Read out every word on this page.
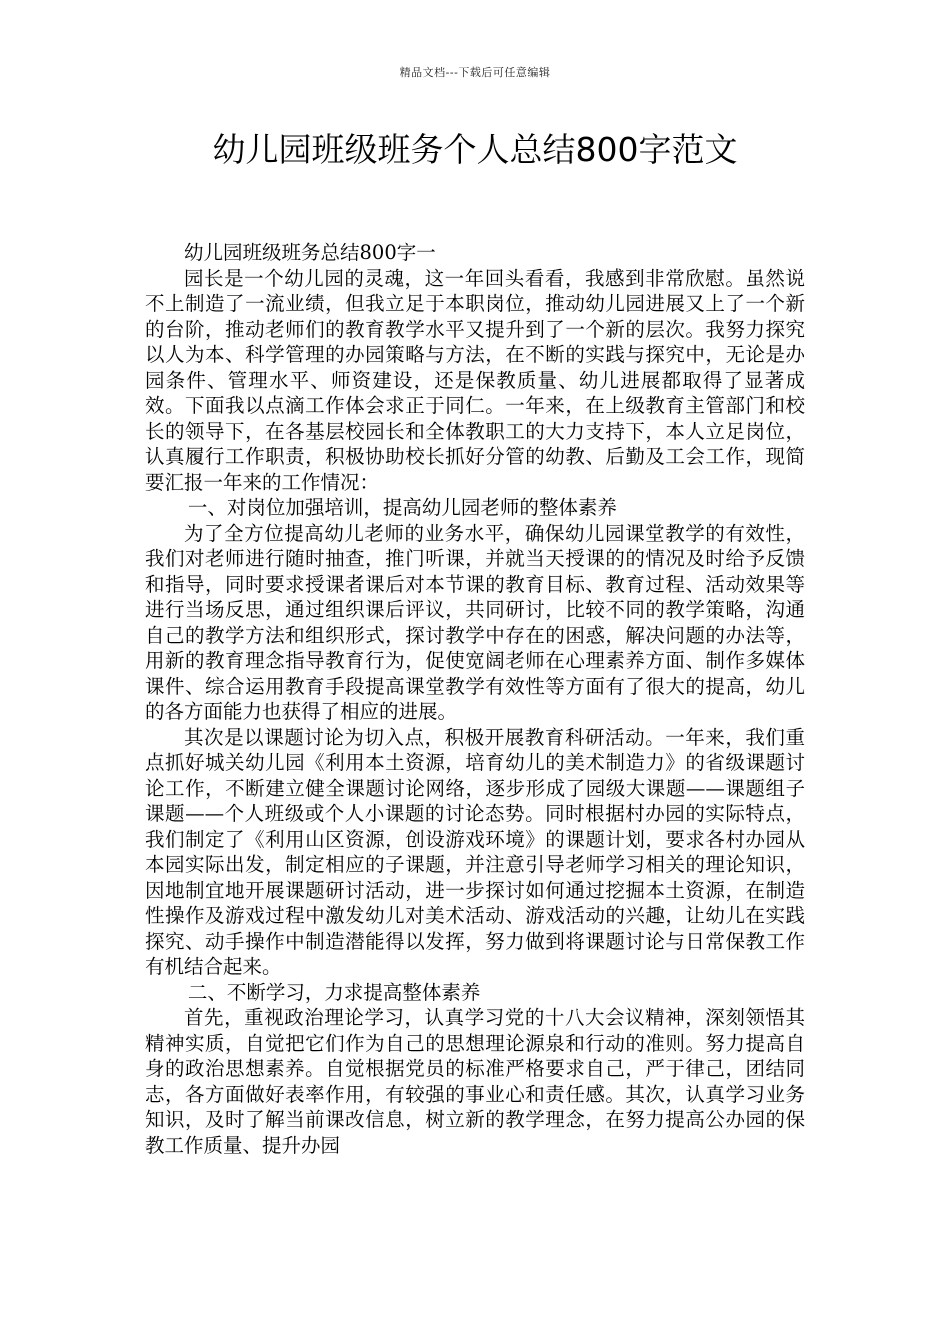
精品文档---下载后可任意编辑
幼儿园班级班务个人总结800字范文

幼儿园班级班务总结800字一

园长是一个幼儿园的灵魂，这一年回头看看，我感到非常欣慰。虽然说不上制造了一流业绩，但我立足于本职岗位，推动幼儿园进展又上了一个新的台阶，推动老师们的教育教学水平又提升到了一个新的层次。我努力探究以人为本、科学管理的办园策略与方法，在不断的实践与探究中，无论是办园条件、管理水平、师资建设，还是保教质量、幼儿进展都取得了显著成效。下面我以点滴工作体会求正于同仁。一年来，在上级教育主管部门和校长的领导下，在各基层校园长和全体教职工的大力支持下，本人立足岗位，认真履行工作职责，积极协助校长抓好分管的幼教、后勤及工会工作，现简要汇报一年来的工作情况：

一、对岗位加强培训，提高幼儿园老师的整体素养

为了全方位提高幼儿老师的业务水平，确保幼儿园课堂教学的有效性，我们对老师进行随时抽查，推门听课，并就当天授课的的情况及时给予反馈和指导，同时要求授课者课后对本节课的教育目标、教育过程、活动效果等进行当场反思，通过组织课后评议，共同研讨，比较不同的教学策略，沟通自己的教学方法和组织形式，探讨教学中存在的困惑，解决问题的办法等，用新的教育理念指导教育行为，促使宽阔老师在心理素养方面、制作多媒体课件、综合运用教育手段提高课堂教学有效性等方面有了很大的提高，幼儿的各方面能力也获得了相应的进展。

其次是以课题讨论为切入点，积极开展教育科研活动。一年来，我们重点抓好城关幼儿园《利用本土资源，培育幼儿的美术制造力》的省级课题讨论工作，不断建立健全课题讨论网络，逐步形成了园级大课题——课题组子课题——个人班级或个人小课题的讨论态势。同时根据村办园的实际特点，我们制定了《利用山区资源，创设游戏环境》的课题计划，要求各村办园从本园实际出发，制定相应的子课题，并注意引导老师学习相关的理论知识，因地制宜地开展课题研讨活动，进一步探讨如何通过挖掘本土资源，在制造性操作及游戏过程中激发幼儿对美术活动、游戏活动的兴趣，让幼儿在实践探究、动手操作中制造潜能得以发挥，努力做到将课题讨论与日常保教工作有机结合起来。

二、不断学习，力求提高整体素养

首先，重视政治理论学习，认真学习党的十八大会议精神，深刻领悟其精神实质，自觉把它们作为自己的思想理论源泉和行动的准则。努力提高自身的政治思想素养。自觉根据党员的标准严格要求自己，严于律己，团结同志，各方面做好表率作用，有较强的事业心和责任感。其次，认真学习业务知识，及时了解当前课改信息，树立新的教学理念，在努力提高公办园的保教工作质量、提升办园
